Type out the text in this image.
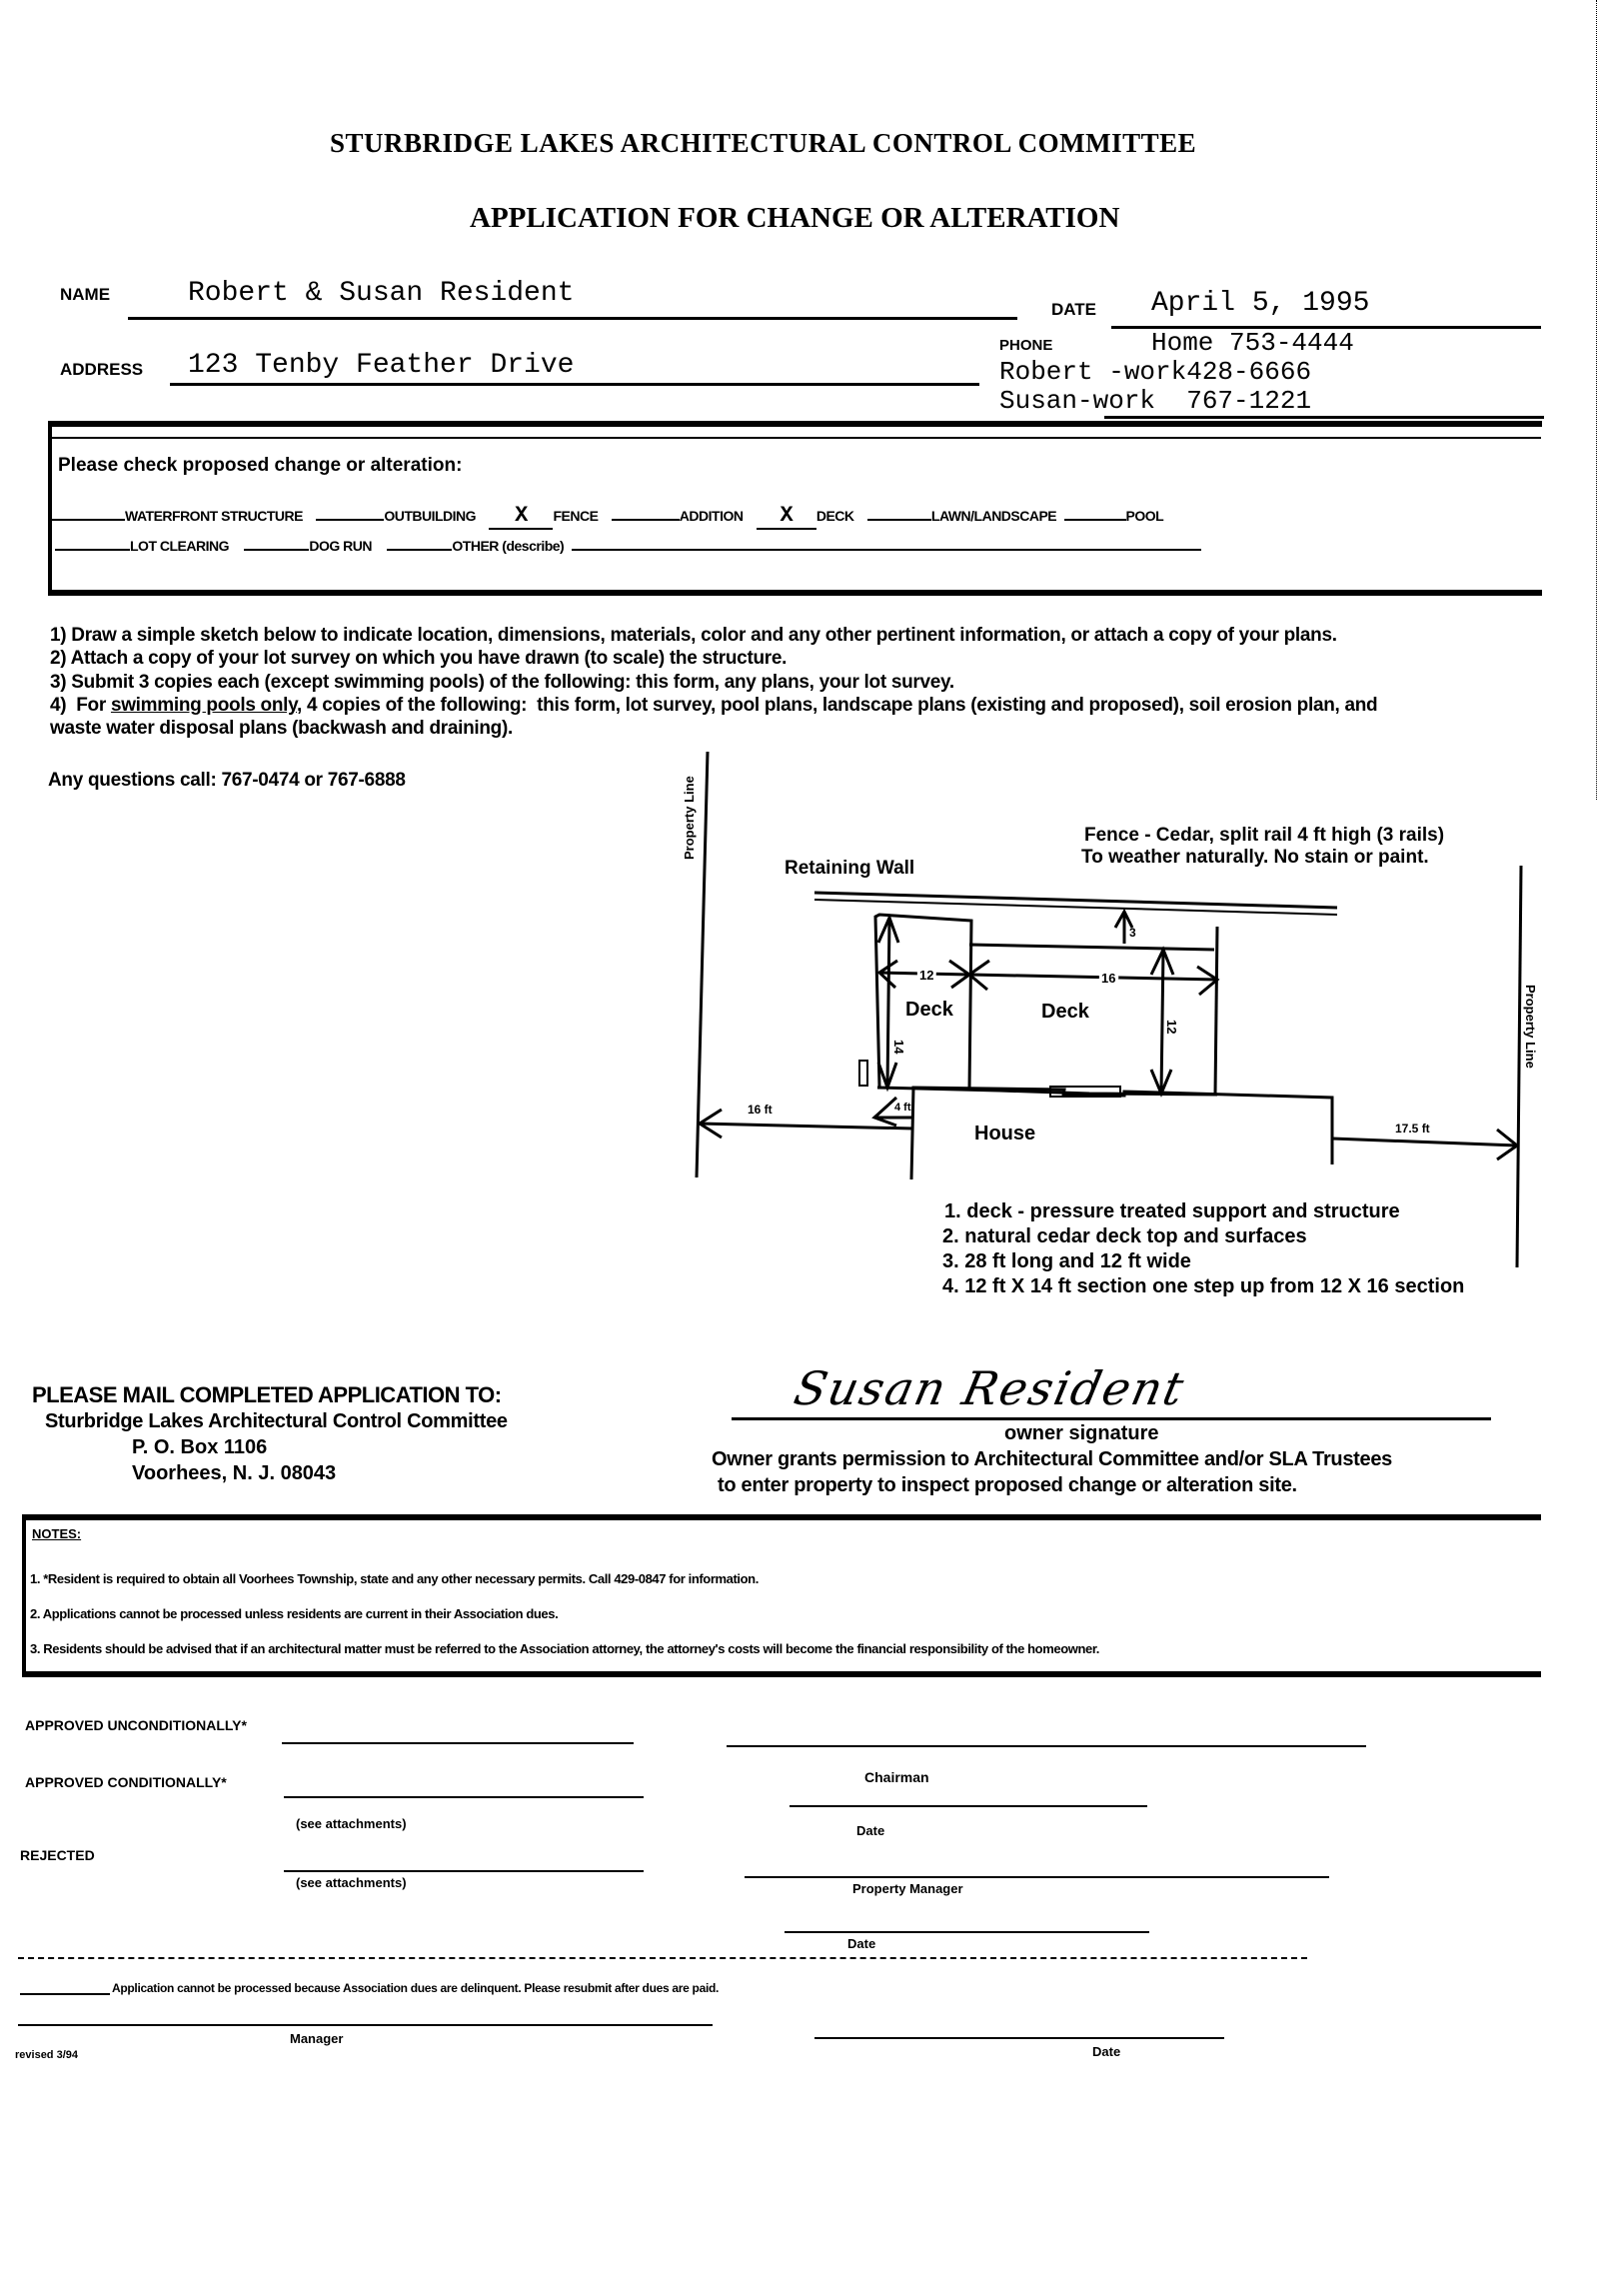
STURBRIDGE LAKES ARCHITECTURAL CONTROL COMMITTEE
APPLICATION FOR CHANGE OR ALTERATION
NAME	Robert & Susan Resident
DATE April 5, 1995
ADDRESS 123 Tenby Feather Drive
Home 753-4444
PHONE
Robert -work428-6666
Susan-work  767-1221
Please check proposed change or alteration:
WATERFRONT STRUCTURE	OUTBUILDING X FENCE	ADDITION X DECK	LAWN/LANDSCAPE	POOL
LOT CLEARING	DOG RUN	OTHER (describe)
1) Draw a simple sketch below to indicate location, dimensions, materials, color and any other pertinent information, or attach a copy of your plans.
2) Attach a copy of your lot survey on which you have drawn (to scale) the structure.
3) Submit 3 copies each (except swimming pools) of the following: this form, any plans, your lot survey.
4)  For swimming pools only, 4 copies of the following:  this form, lot survey, pool plans, landscape plans (existing and proposed), soil erosion plan, and
waste water disposal plans (backwash and draining).
Any questions call: 767-0474 or 767-6888	Property Line
Property Line
Retaining Wall
Fence - Cedar, split rail 4 ft high (3 rails)
To weather naturally. No stain or paint.
Deck	Deck
House
12	16
14
12
3
4 ft
16 ft
17.5 ft
1. deck - pressure treated support and structure
2. natural cedar deck top and surfaces
3. 28 ft long and 12 ft wide
4. 12 ft X 14 ft section one step up from 12 X 16 section
PLEASE MAIL COMPLETED APPLICATION TO:
Sturbridge Lakes Architectural Control Committee
P. O. Box 1106
Voorhees, N. J. 08043
Susan Resident
owner signature
Owner grants permission to Architectural Committee and/or SLA Trustees
to enter property to inspect proposed change or alteration site.
NOTES:
1. *Resident is required to obtain all Voorhees Township, state and any other necessary permits. Call 429-0847 for information.
2. Applications cannot be processed unless residents are current in their Association dues.
3. Residents should be advised that if an architectural matter must be referred to the Association attorney, the attorney's costs will become the financial responsibility of the homeowner.
APPROVED UNCONDITIONALLY*
Chairman
APPROVED CONDITIONALLY*
(see attachments)	Date
REJECTED
(see attachments)	Property Manager
Date
Application cannot be processed because Association dues are delinquent. Please resubmit after dues are paid.
Manager
Date
revised 3/94
